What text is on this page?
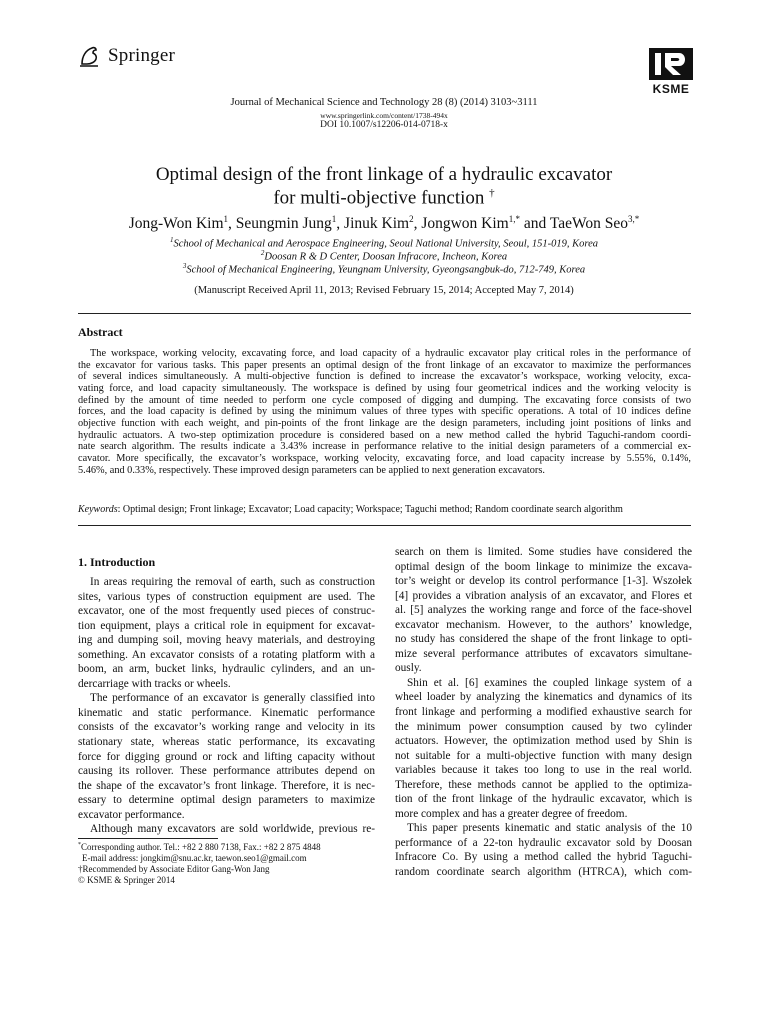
Springer
KSME
Journal of Mechanical Science and Technology 28 (8) (2014) 3103~3111
www.springerlink.com/content/1738-494x
DOI 10.1007/s12206-014-0718-x
Optimal design of the front linkage of a hydraulic excavator
for multi-objective function †
Jong-Won Kim$^1$, Seungmin Jung$^1$, Jinuk Kim$^2$, Jongwon Kim$^{1,*}$ and TaeWon Seo$^{3,*}$
$^1$School of Mechanical and Aerospace Engineering, Seoul National University, Seoul, 151-019, Korea
$^2$Doosan R & D Center, Doosan Infracore, Incheon, Korea
$^3$School of Mechanical Engineering, Yeungnam University, Gyeongsangbuk-do, 712-749, Korea
(Manuscript Received April 11, 2013; Revised February 15, 2014; Accepted May 7, 2014)
Abstract
The workspace, working velocity, excavating force, and load capacity of a hydraulic excavator play critical roles in the performance of
the excavator for various tasks. This paper presents an optimal design of the front linkage of an excavator to maximize the performances
of several indices simultaneously. A multi-objective function is defined to increase the excavator’s workspace, working velocity, exca-
vating force, and load capacity simultaneously. The workspace is defined by using four geometrical indices and the working velocity is
defined by the amount of time needed to perform one cycle composed of digging and dumping. The excavating force consists of two
forces, and the load capacity is defined by using the minimum values of three types with specific operations. A total of 10 indices define
objective function with each weight, and pin-points of the front linkage are the design parameters, including joint positions of links and
hydraulic actuators. A two-step optimization procedure is considered based on a new method called the hybrid Taguchi-random coordi-
nate search algorithm. The results indicate a 3.43% increase in performance relative to the initial design parameters of a commercial ex-
cavator. More specifically, the excavator’s workspace, working velocity, excavating force, and load capacity increase by 5.55%, 0.14%,
5.46%, and 0.33%, respectively. These improved design parameters can be applied to next generation excavators.
Keywords: Optimal design; Front linkage; Excavator; Load capacity; Workspace; Taguchi method; Random coordinate search algorithm
1. Introduction
In areas requiring the removal of earth, such as construction
sites, various types of construction equipment are used. The
excavator, one of the most frequently used pieces of construc-
tion equipment, plays a critical role in equipment for excavat-
ing and dumping soil, moving heavy materials, and destroying
something. An excavator consists of a rotating platform with a
boom, an arm, bucket links, hydraulic cylinders, and an un-
dercarriage with tracks or wheels.
The performance of an excavator is generally classified into
kinematic and static performance. Kinematic performance
consists of the excavator’s working range and velocity in its
stationary state, whereas static performance, its excavating
force for digging ground or rock and lifting capacity without
causing its rollover. These performance attributes depend on
the shape of the excavator’s front linkage. Therefore, it is nec-
essary to determine optimal design parameters to maximize
excavator performance.
Although many excavators are sold worldwide, previous re-
*Corresponding author. Tel.: +82 2 880 7138, Fax.: +82 2 875 4848
E-mail address: jongkim@snu.ac.kr, taewon.seo1@gmail.com
†Recommended by Associate Editor Gang-Won Jang
© KSME & Springer 2014
search on them is limited. Some studies have considered the
optimal design of the boom linkage to minimize the excava-
tor’s weight or develop its control performance [1-3]. Wszołek
[4] provides a vibration analysis of an excavator, and Flores et
al. [5] analyzes the working range and force of the face-shovel
excavator mechanism. However, to the authors’ knowledge,
no study has considered the shape of the front linkage to opti-
mize several performance attributes of excavators simultane-
ously.
Shin et al. [6] examines the coupled linkage system of a
wheel loader by analyzing the kinematics and dynamics of its
front linkage and performing a modified exhaustive search for
the minimum power consumption caused by two cylinder
actuators. However, the optimization method used by Shin is
not suitable for a multi-objective function with many design
variables because it takes too long to use in the real world.
Therefore, these methods cannot be applied to the optimiza-
tion of the front linkage of the hydraulic excavator, which is
more complex and has a greater degree of freedom.
This paper presents kinematic and static analysis of the 10
performance of a 22-ton hydraulic excavator sold by Doosan
Infracore Co. By using a method called the hybrid Taguchi-
random coordinate search algorithm (HTRCA), which com-
